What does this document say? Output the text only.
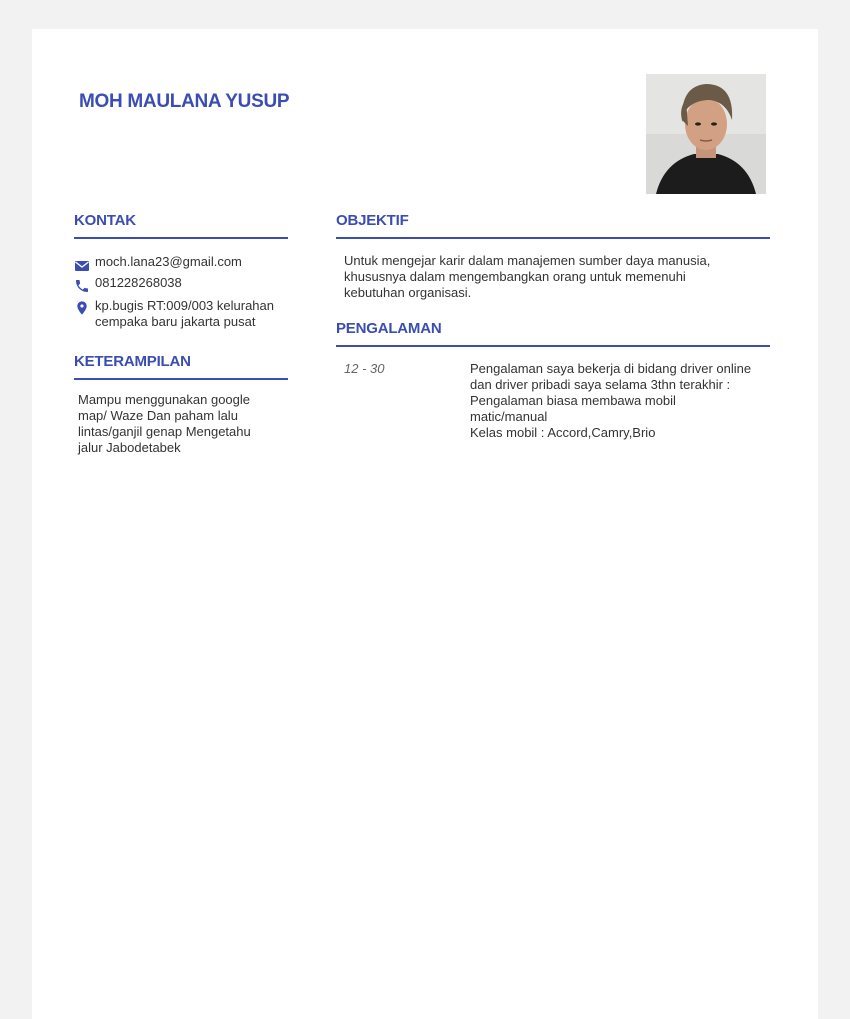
MOH MAULANA YUSUP
KONTAK
moch.lana23@gmail.com
081228268038
kp.bugis RT:009/003 kelurahan
cempaka baru jakarta pusat
KETERAMPILAN
Mampu menggunakan google
map/ Waze Dan paham lalu
lintas/ganjil genap Mengetahu
jalur Jabodetabek
OBJEKTIF
Untuk mengejar karir dalam manajemen sumber daya manusia,
khususnya dalam mengembangkan orang untuk memenuhi
kebutuhan organisasi.
PENGALAMAN
12 - 30	Pengalaman saya bekerja di bidang driver online
dan driver pribadi saya selama 3thn terakhir :
Pengalaman biasa membawa mobil
matic/manual
Kelas mobil : Accord,Camry,Brio
